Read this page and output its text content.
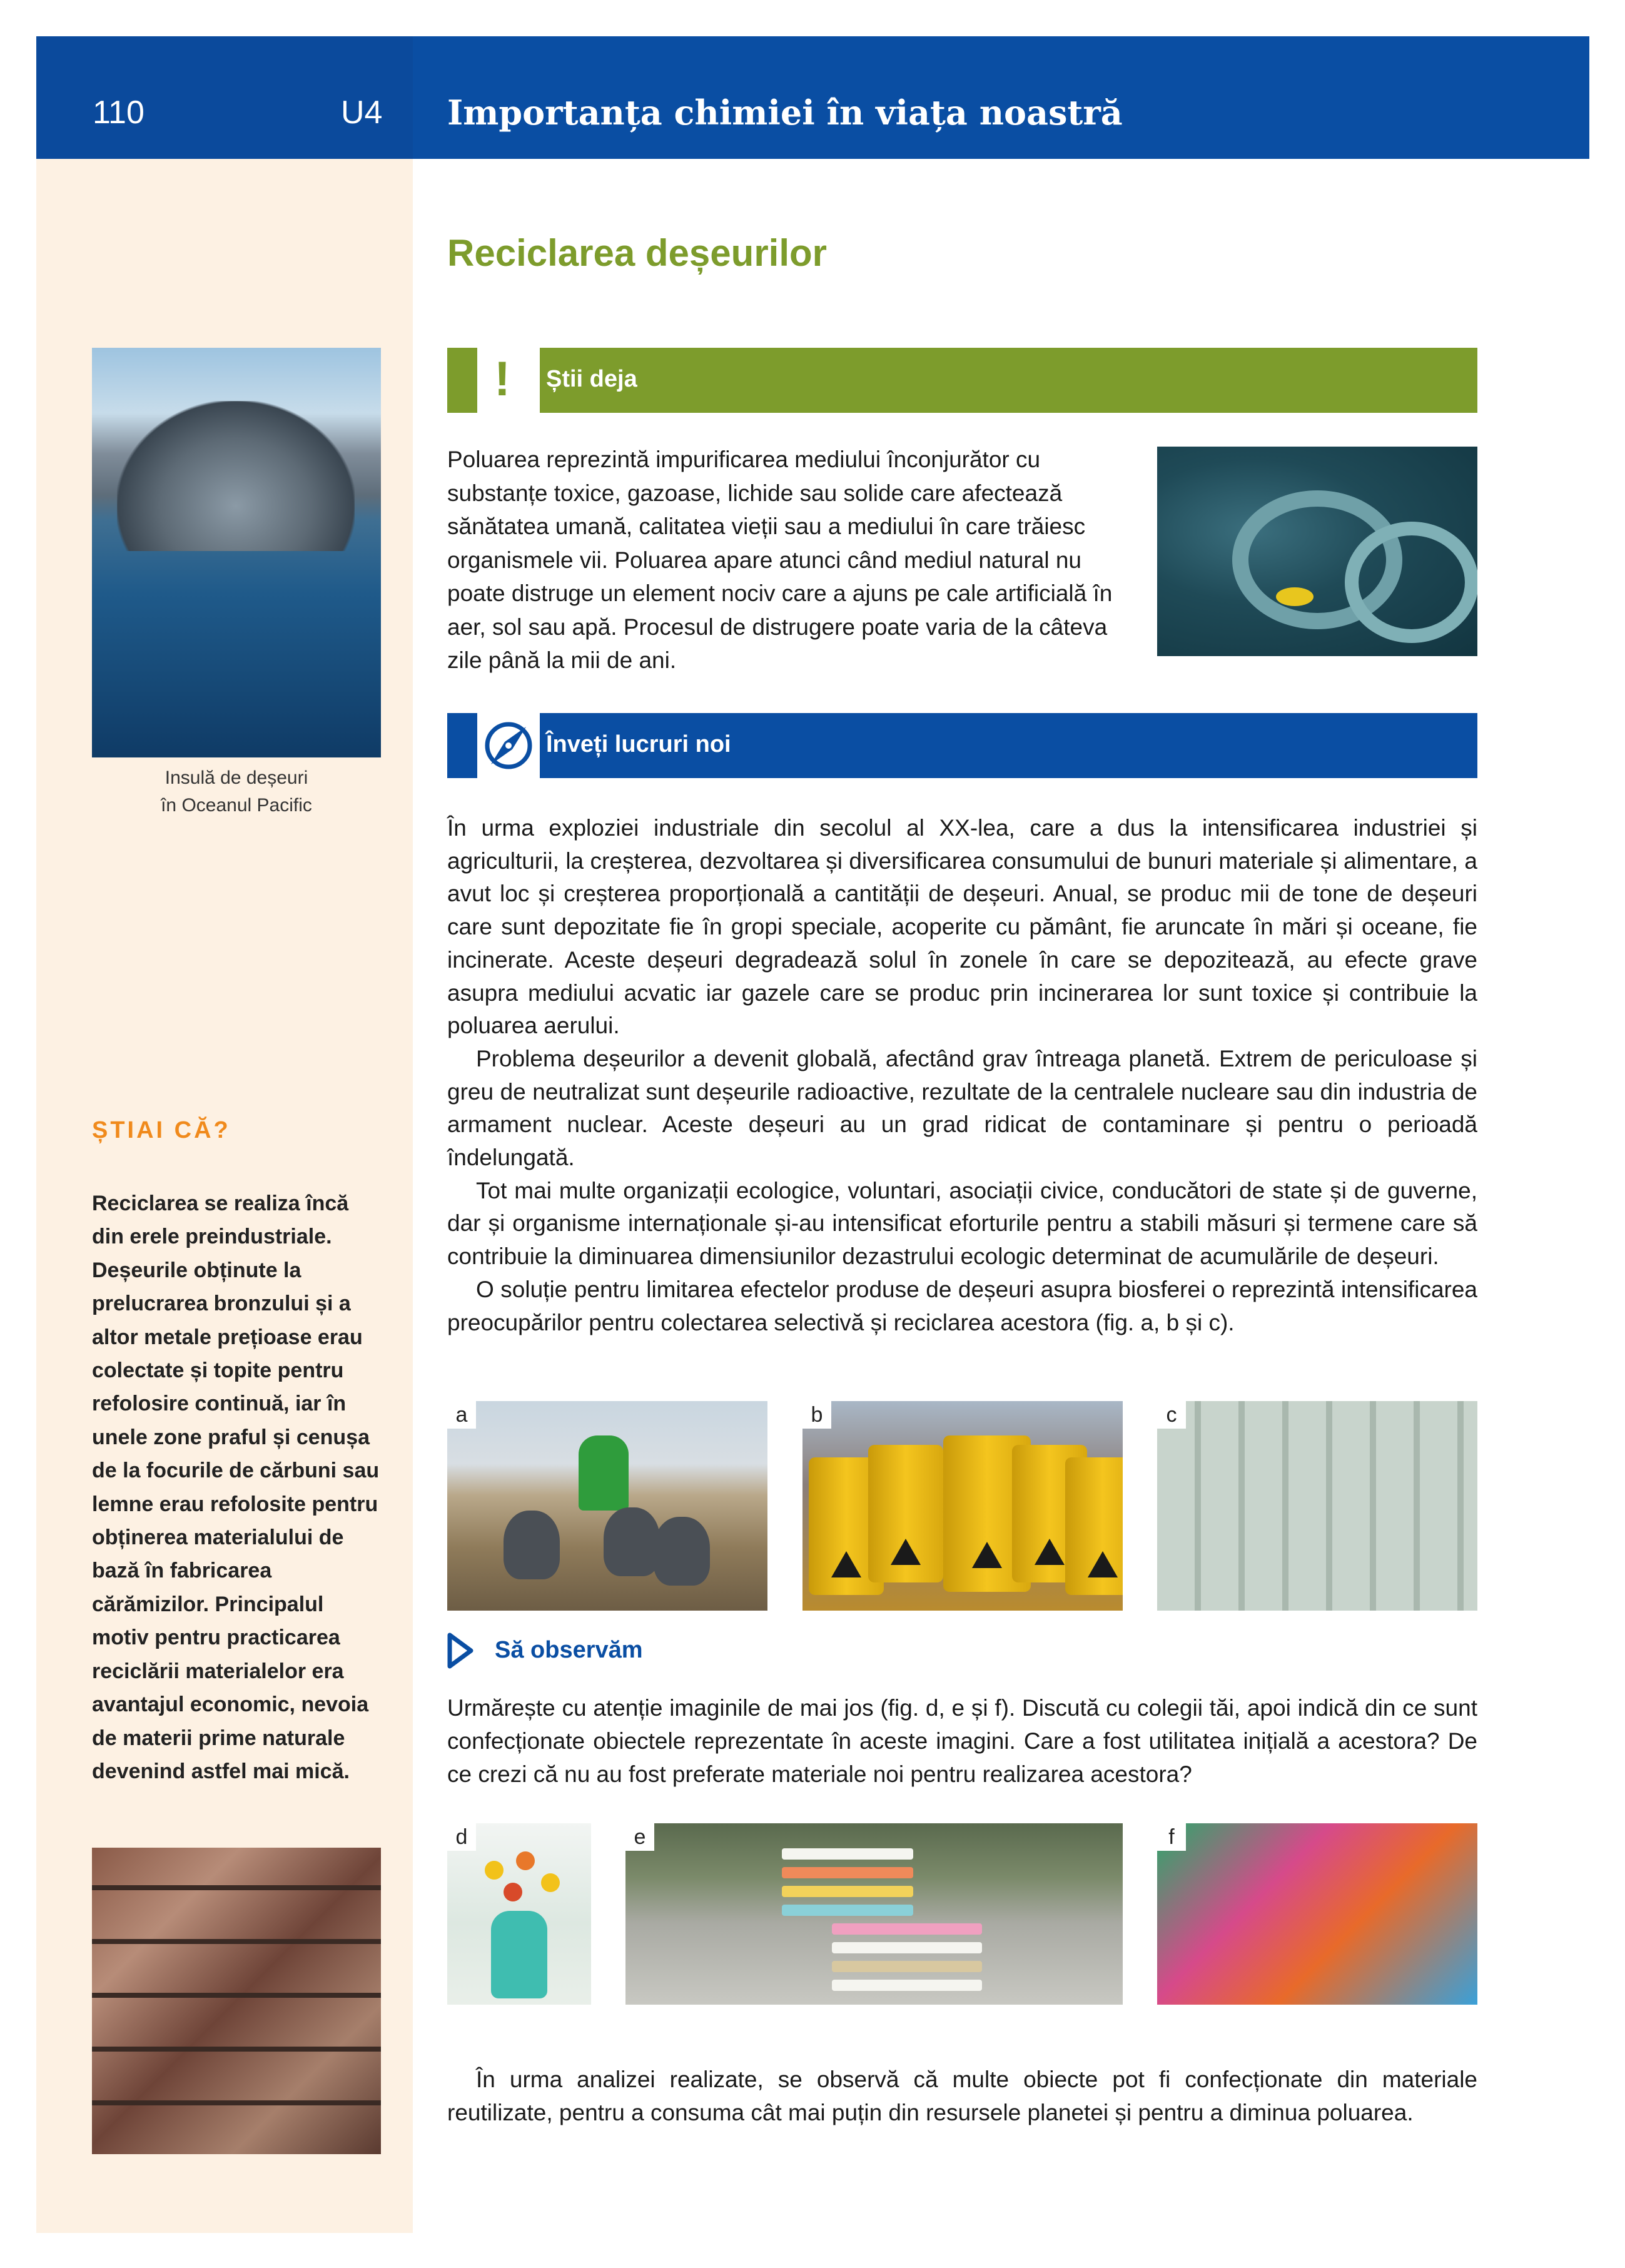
110	U4 Importanța chimiei în viața noastră
Insulă de deșeuri
în Oceanul Pacific
ȘTIAI CĂ?
Reciclarea se realiza încă din erele preindustriale. Deșeurile obținute la prelucrarea bronzului și a altor metale prețioase erau colectate și topite pentru refolosire continuă, iar în unele zone praful și cenușa de la focurile de cărbuni sau lemne erau refolosite pentru obținerea materialului de bază în fabricarea cărămizilor. Principalul motiv pentru practicarea reciclării materialelor era avantajul economic, nevoia de materii prime naturale devenind astfel mai mică.
Reciclarea deșeurilor
! Știi deja
Poluarea reprezintă impurificarea mediului înconjurător cu substanțe toxice, gazoase, lichide sau solide care afectează sănătatea umană, calitatea vieții sau a mediului în care trăiesc organismele vii. Poluarea apare atunci când mediul natural nu poate distruge un element nociv care a ajuns pe cale artificială în aer, sol sau apă. Procesul de distrugere poate varia de la câteva zile până la mii de ani.
Înveți lucruri noi

În urma exploziei industriale din secolul al XX-lea, care a dus la intensificarea industriei și agriculturii, la creșterea, dezvoltarea și diversificarea consumului de bunuri materiale și alimentare, a avut loc și creșterea proporțională a cantității de deșeuri. Anual, se produc mii de tone de deșeuri care sunt depozitate fie în gropi speciale, acoperite cu pământ, fie aruncate în mări și oceane, fie incinerate. Aceste deșeuri degradează solul în zonele în care se depozitează, au efecte grave asupra mediului acvatic iar gazele care se produc prin incinerarea lor sunt toxice și contribuie la poluarea aerului.

Problema deșeurilor a devenit globală, afectând grav întreaga planetă. Extrem de periculoase și greu de neutralizat sunt deșeurile radioactive, rezultate de la centralele nucleare sau din industria de armament nuclear. Aceste deșeuri au un grad ridicat de contaminare și pentru o perioadă îndelungată.

Tot mai multe organizații ecologice, voluntari, asociații civice, conducători de state și de guverne, dar și organisme internaționale și-au intensificat eforturile pentru a stabili măsuri și termene care să contribuie la diminuarea dimensiunilor dezastrului ecologic determinat de acumulările de deșeuri.

O soluție pentru limitarea efectelor produse de deșeuri asupra biosferei o reprezintă intensificarea preocupărilor pentru colectarea selectivă și reciclarea acestora (fig. a, b și c).

a	b	c
Să observăm
Urmărește cu atenție imaginile de mai jos (fig. d, e și f). Discută cu colegii tăi, apoi indică din ce sunt confecționate obiectele reprezentate în aceste imagini. Care a fost utilitatea inițială a acestora? De ce crezi că nu au fost preferate materiale noi pentru realizarea acestora?
d	e	f
În urma analizei realizate, se observă că multe obiecte pot fi confecționate din materiale reutilizate, pentru a consuma cât mai puțin din resursele planetei și pentru a diminua poluarea.
